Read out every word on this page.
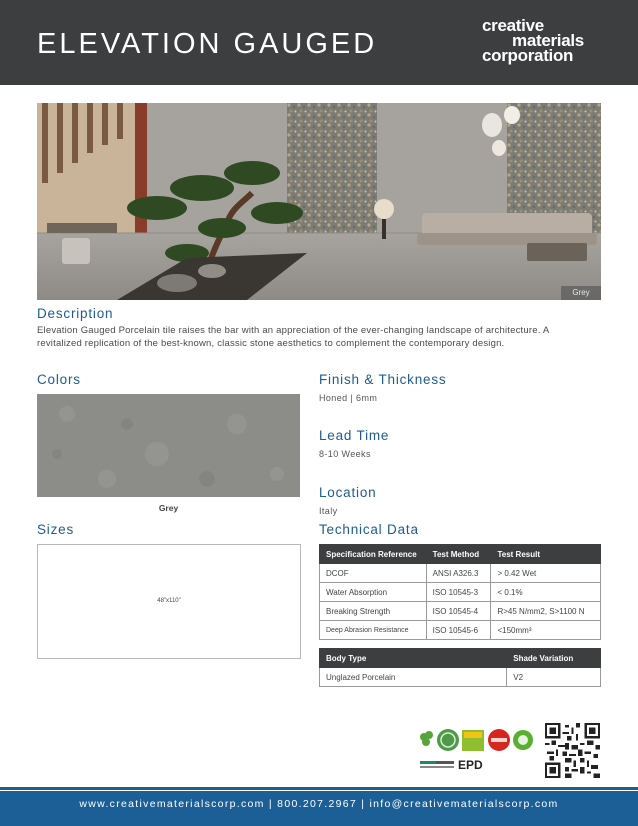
ELEVATION GAUGED
creative
materials
corporation
Grey
Description
Elevation Gauged Porcelain tile raises the bar with an appreciation of the ever-changing landscape of architecture. A revitalized replication of the best-known, classic stone aesthetics to complement the contemporary design.
Colors
Grey
Sizes
48"x110"
Finish & Thickness
Honed | 6mm
Lead Time
8-10 Weeks
Location
Italy
Technical Data
Specification Reference	Test Method	Test Result
DCOF	ANSI A326.3	> 0.42 Wet
Water Absorption	ISO 10545-3	< 0.1%
Breaking Strength	ISO 10545-4	R>45 N/mm2, S>1100 N
Deep Abrasion Resistance	ISO 10545-6	<150mm³
Body Type	Shade Variation
Unglazed Porcelain	V2
EPD
www.creativematerialscorp.com | 800.207.2967 | info@creativematerialscorp.com
